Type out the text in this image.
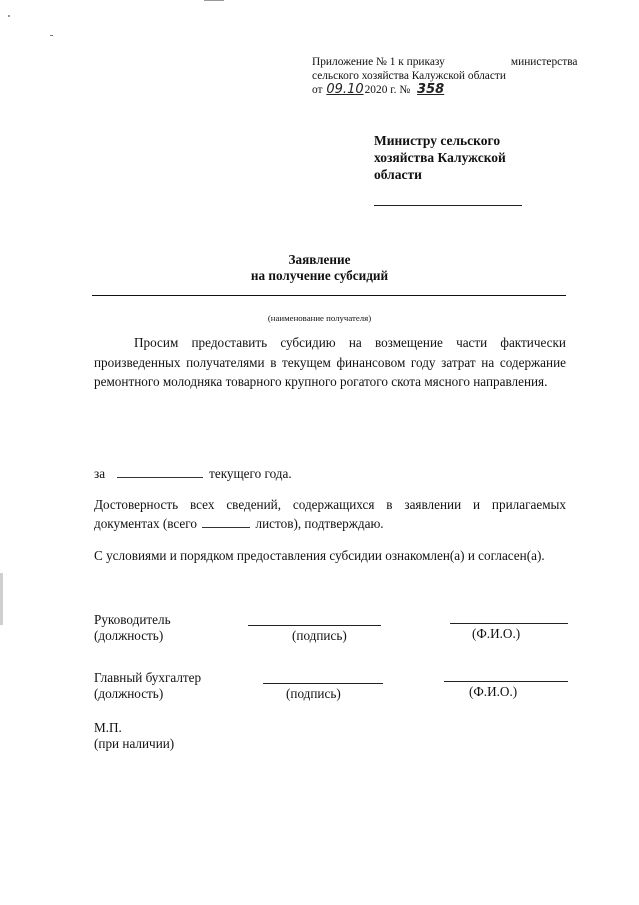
Приложение № 1 к приказу	министерства
сельского хозяйства Калужской области
от 09.102020 г. № 358
Министру сельского
хозяйства Калужской
области
Заявление
на получение субсидий
(наименование получателя)
Просим предоставить субсидию на возмещение части фактически произведенных получателями в текущем финансовом году затрат на содержание ремонтного молодняка товарного крупного рогатого скота мясного направления.
за	текущего года.
Достоверность всех сведений, содержащихся в заявлении и прилагаемых документах (всего	листов), подтверждаю.
С условиями и порядком предоставления субсидии ознакомлен(а) и согласен(а).
Руководитель
(должность)	(подпись)	(Ф.И.О.)
Главный бухгалтер
(должность)	(подпись)	(Ф.И.О.)
М.П.
(при наличии)
